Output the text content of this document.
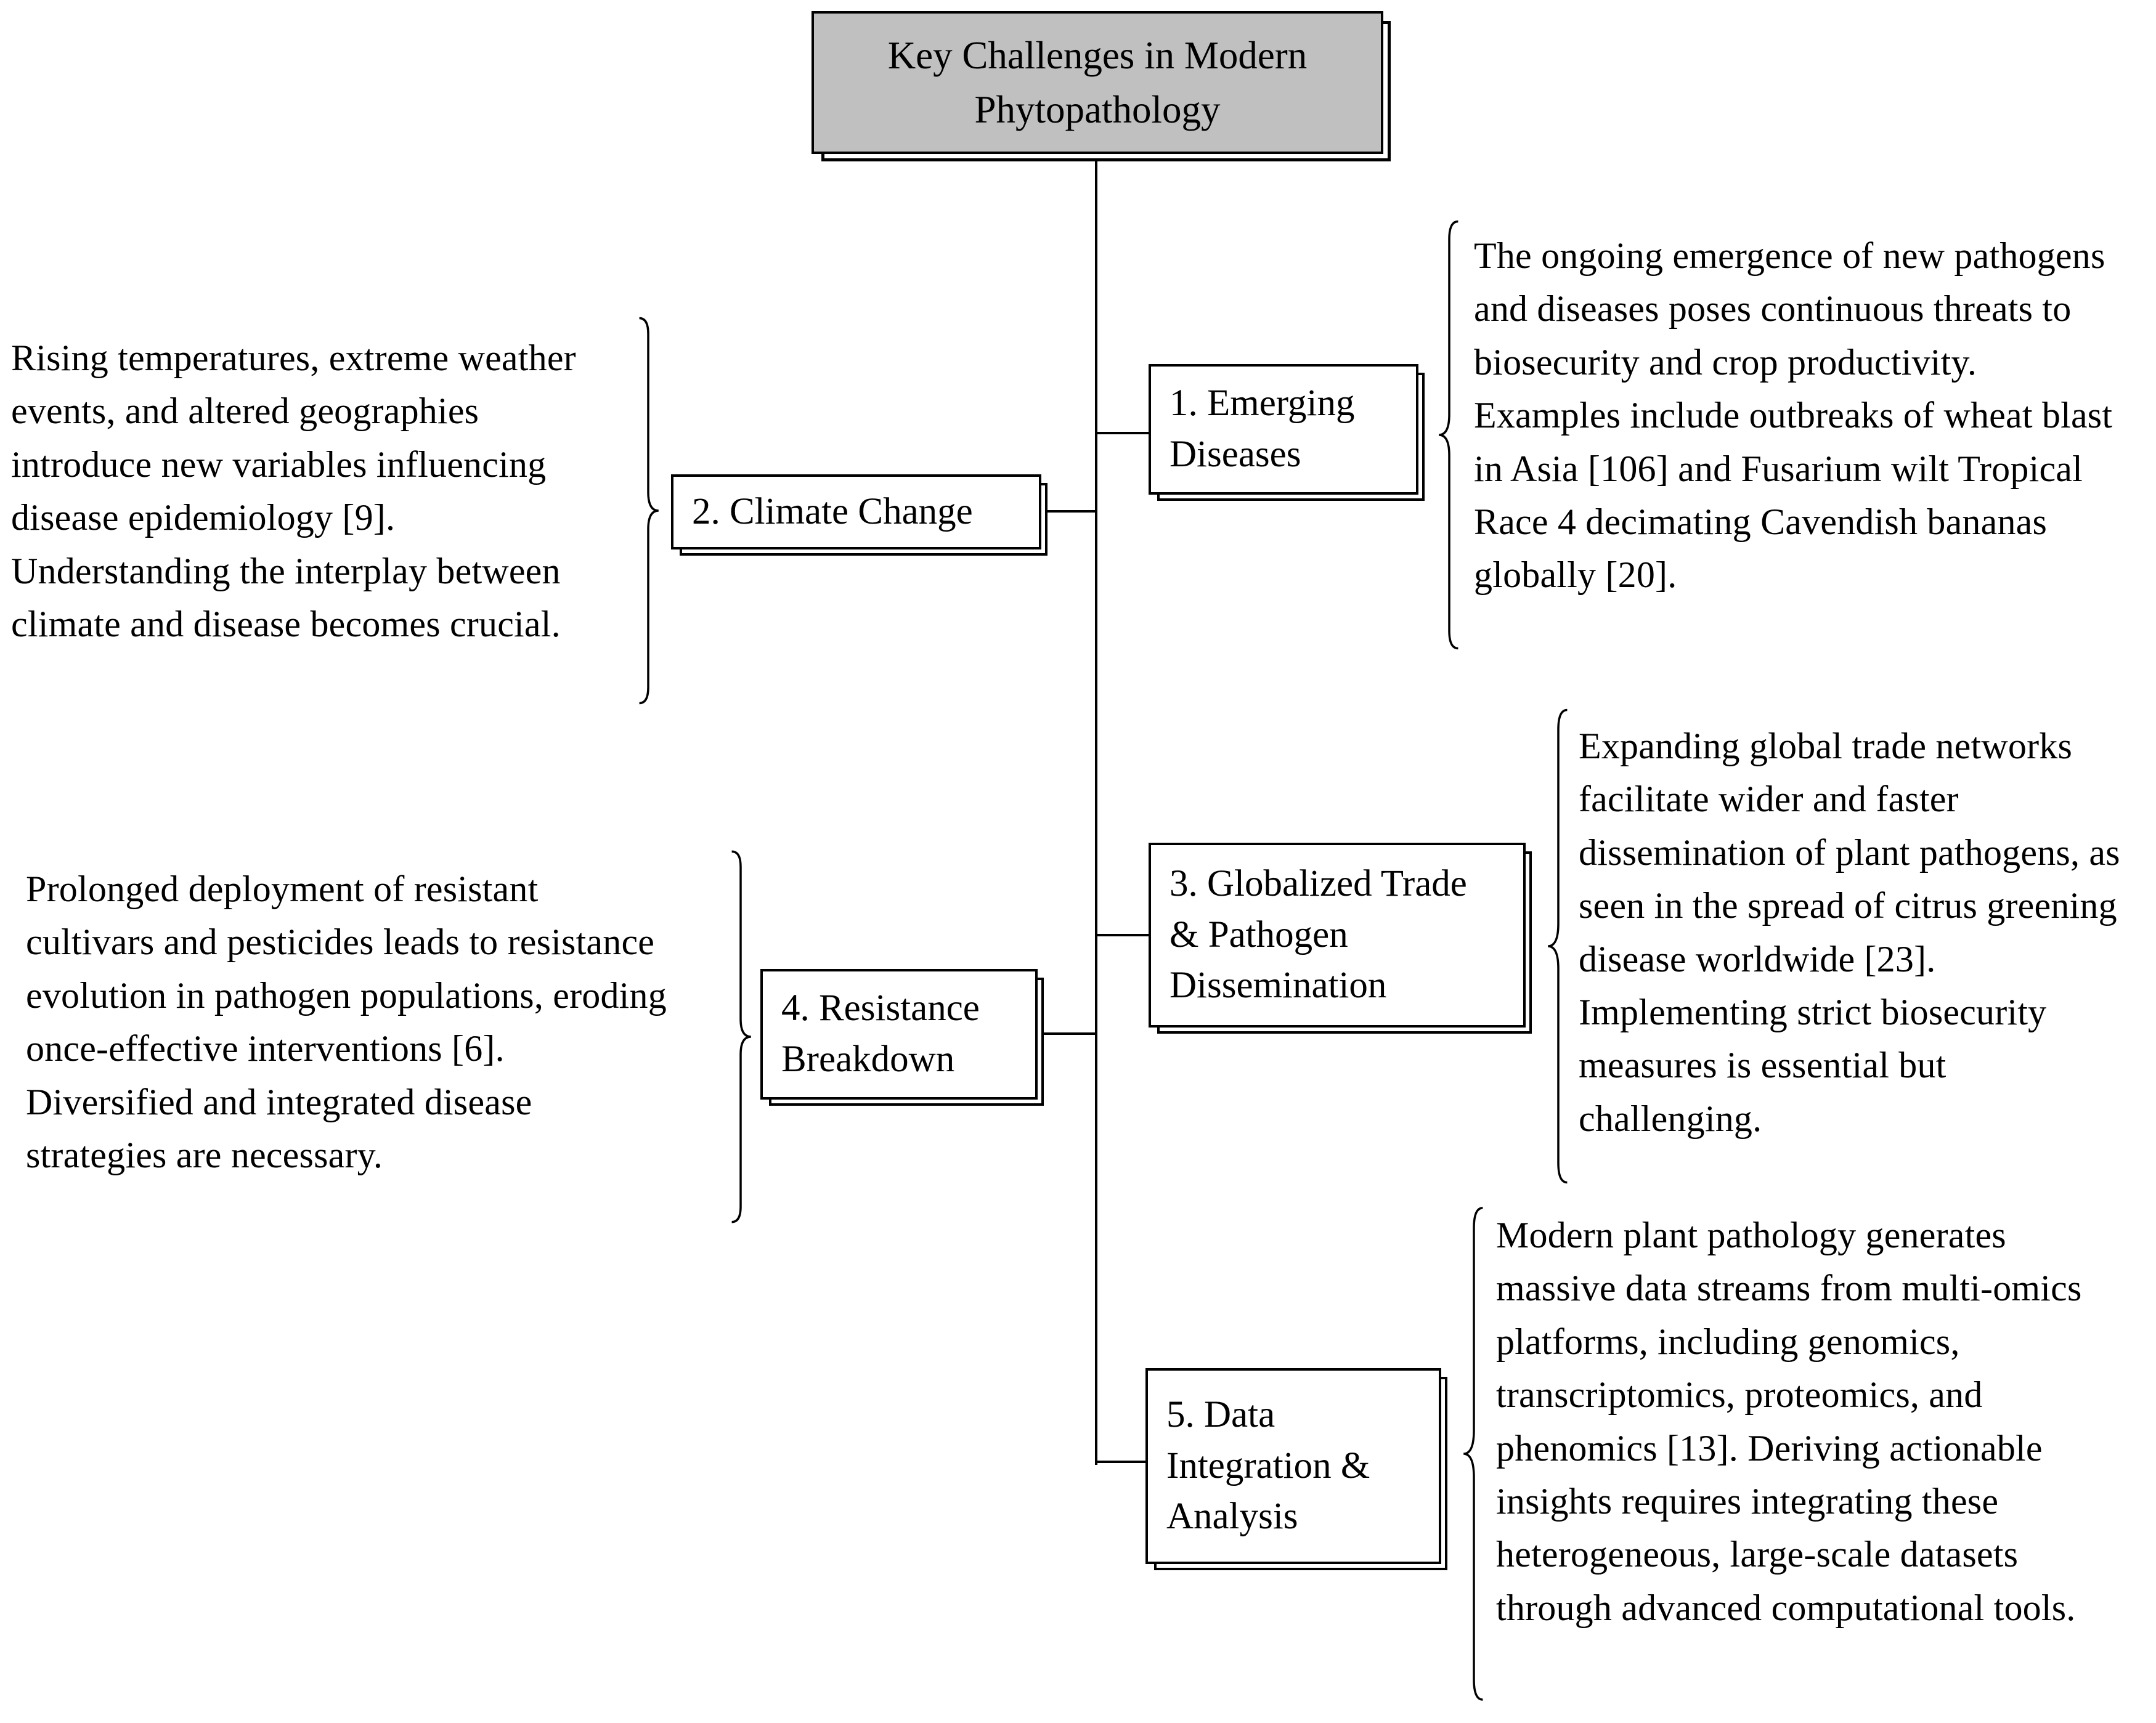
Key Challenges in Modern Phytopathology
1. Emerging Diseases
The ongoing emergence of new pathogens and diseases poses continuous threats to biosecurity and crop productivity. Examples include outbreaks of wheat blast in Asia [106] and Fusarium wilt Tropical Race 4 decimating Cavendish bananas globally [20].
2. Climate Change
Rising temperatures, extreme weather events, and altered geographies introduce new variables influencing disease epidemiology [9]. Understanding the interplay between climate and disease becomes crucial.
3. Globalized Trade & Pathogen Dissemination
Expanding global trade networks facilitate wider and faster dissemination of plant pathogens, as seen in the spread of citrus greening disease worldwide [23]. Implementing strict biosecurity measures is essential but challenging.
4. Resistance Breakdown
Prolonged deployment of resistant cultivars and pesticides leads to resistance evolution in pathogen populations, eroding once-effective interventions [6]. Diversified and integrated disease strategies are necessary.
5. Data Integration & Analysis
Modern plant pathology generates massive data streams from multi-omics platforms, including genomics, transcriptomics, proteomics, and phenomics [13]. Deriving actionable insights requires integrating these heterogeneous, large-scale datasets through advanced computational tools.
